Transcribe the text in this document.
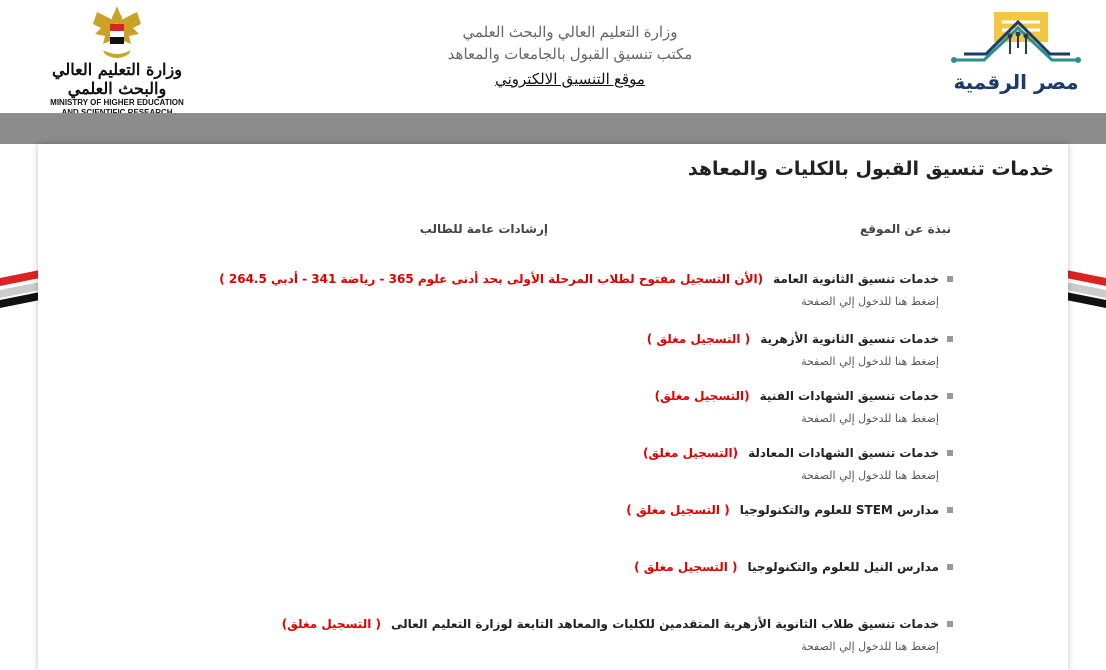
وزارة التعليم العالي والبحث العلمي
MINISTRY OF HIGHER EDUCATION
وزارة التعليم العالي والبحث العلمي
مكتب تنسيق القبول بالجامعات والمعاهد
موقع التنسيق الالكتروني	مصر الرقمية
خدمات تنسيق القبول بالكليات والمعاهد
نبذة عن الموقع
إرشادات عامة للطالب
خدمات تنسيق الثانوية العامة(الأن التسجيل مفتوح لطلاب المرحلة الأولى بحد أدنى علوم 365 - رياضة 341 - أدبي 264.5 )
إضغط هنا للدخول إلي الصفحة
خدمات تنسيق الثانوية الأزهرية( التسجيل مغلق )
إضغط هنا للدخول إلي الصفحة
خدمات تنسيق الشهادات الفنية(التسجيل مغلق)
إضغط هنا للدخول إلي الصفحة
خدمات تنسيق الشهادات المعادلة(التسجيل مغلق)
إضغط هنا للدخول إلي الصفحة
مدارس STEM للعلوم والتكنولوجيا( التسجيل مغلق )
مدارس النيل للعلوم والتكنولوجيا( التسجيل مغلق )
خدمات تنسيق طلاب الثانوية الأزهرية المتقدمين للكليات والمعاهد التابعة لوزارة التعليم العالى( التسجيل مغلق)
إضغط هنا للدخول إلي الصفحة
